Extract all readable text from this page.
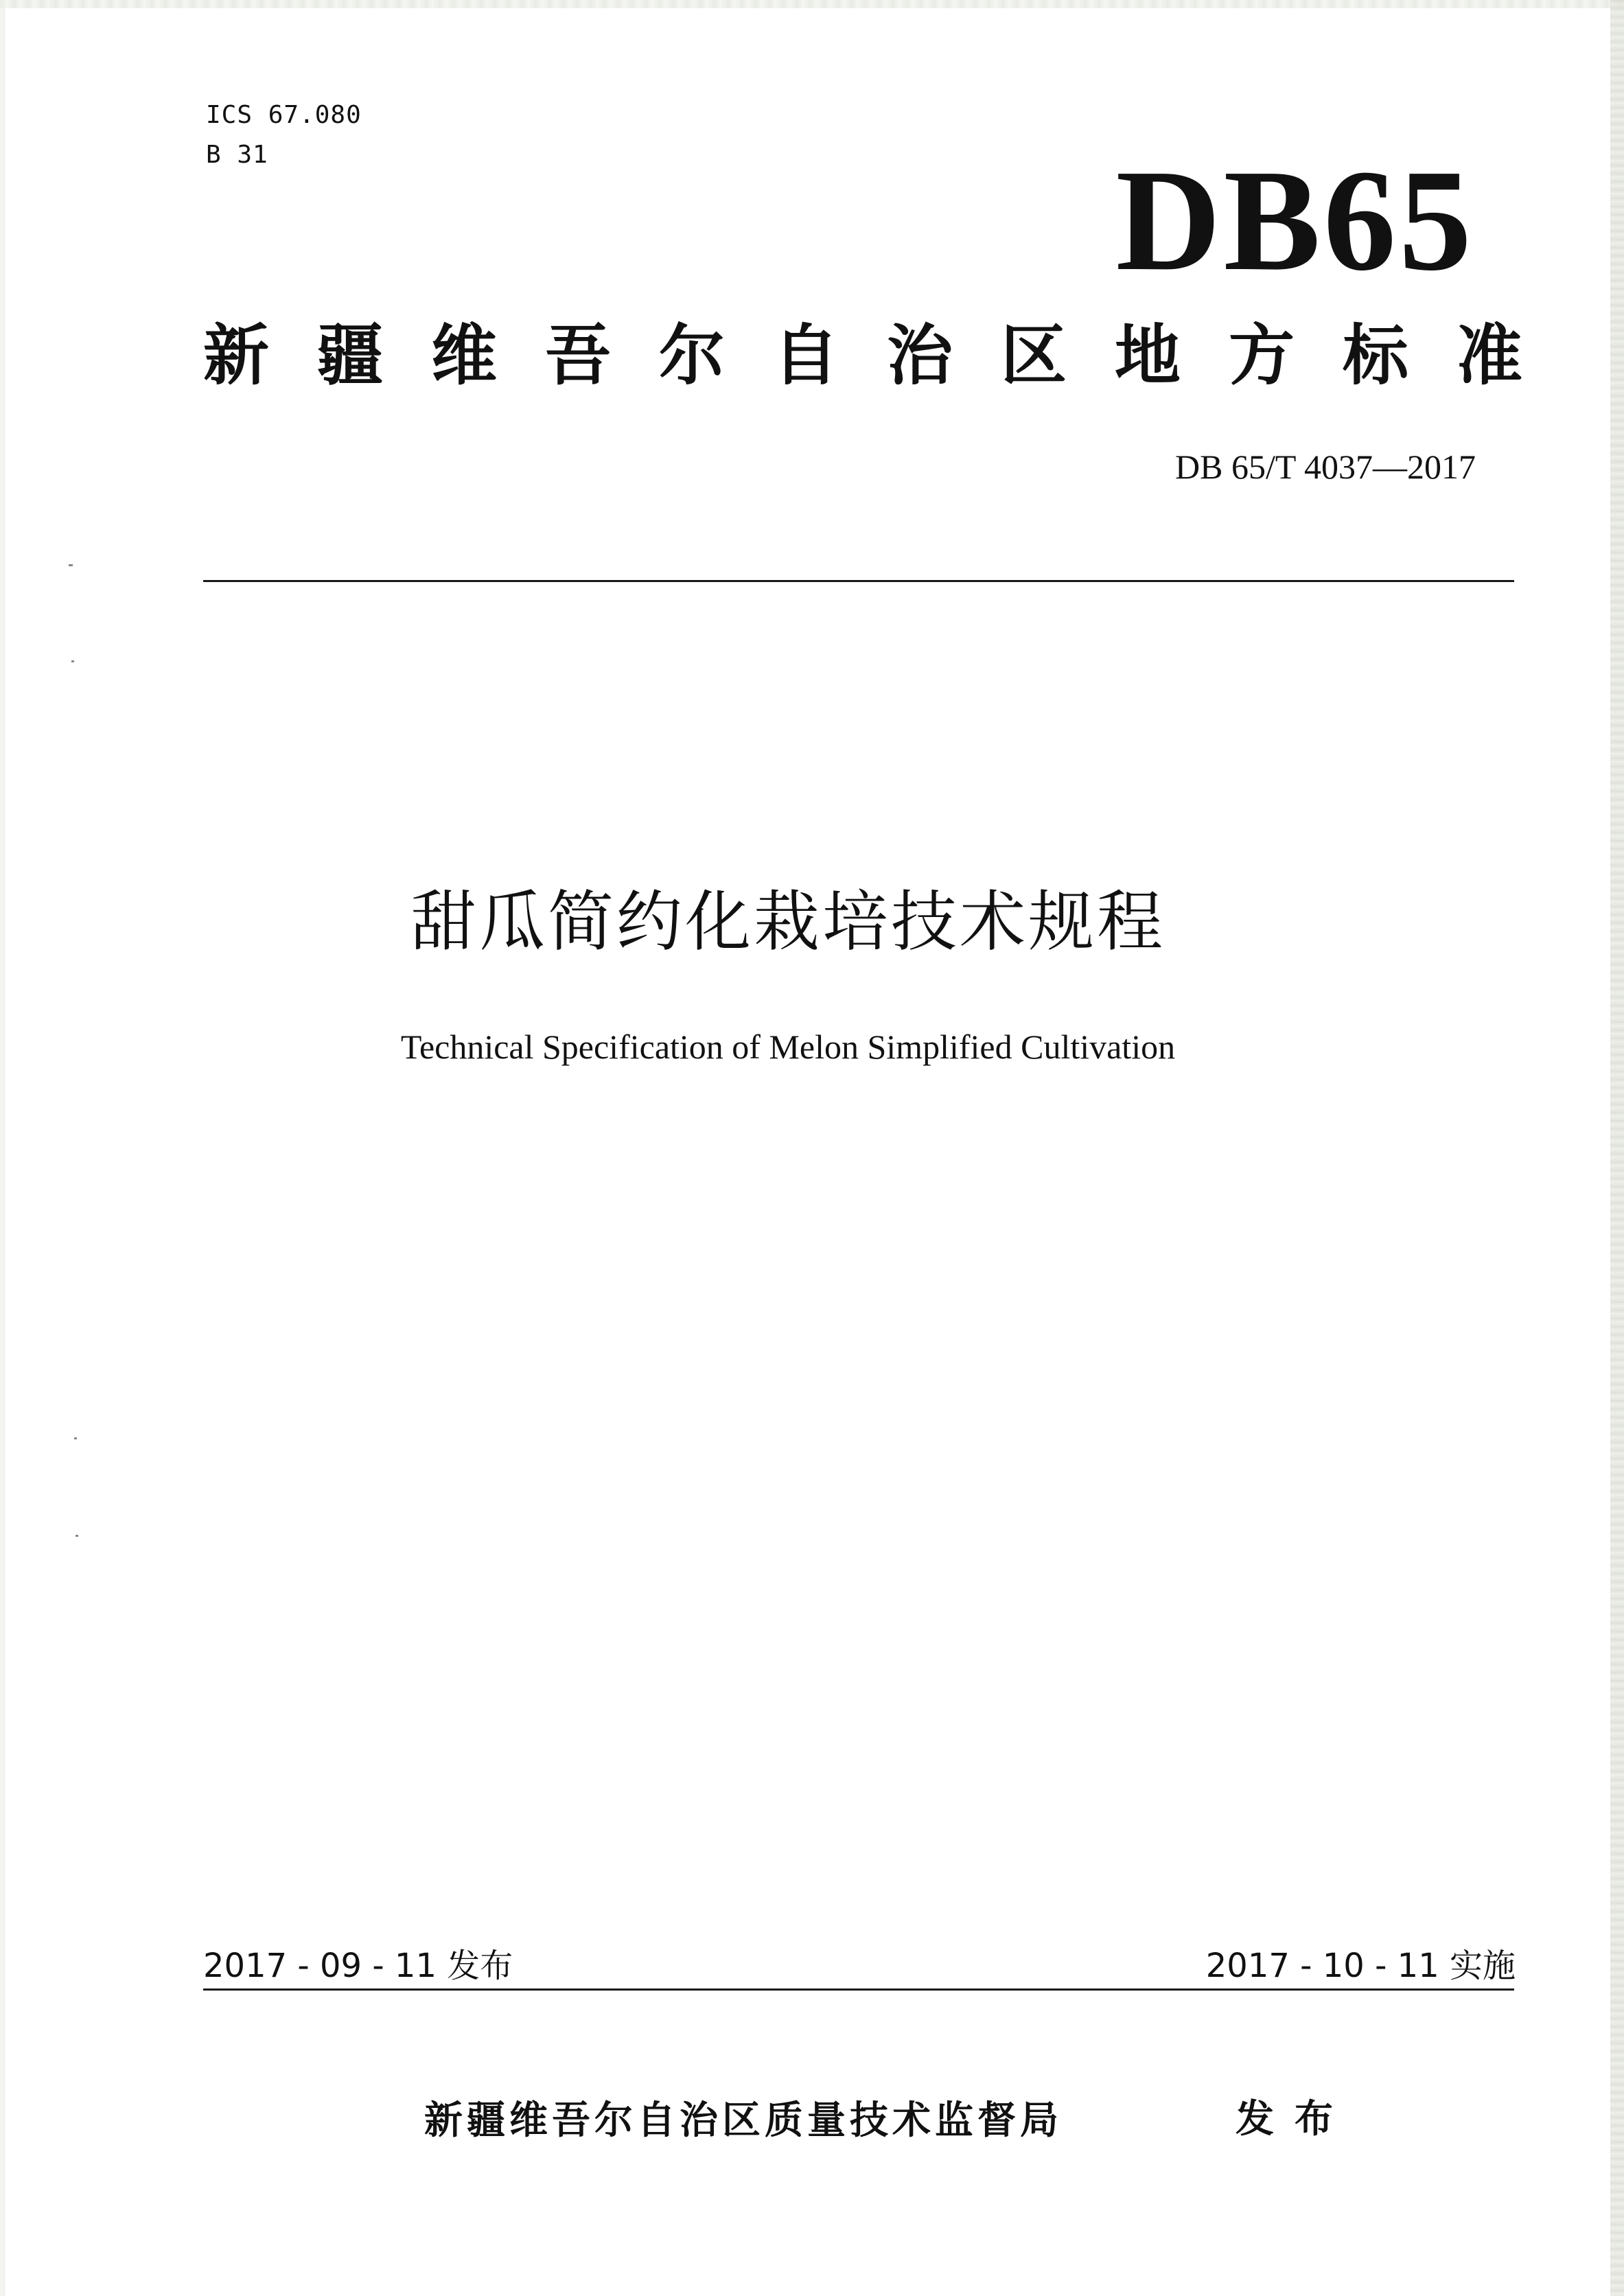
ICS 67.080
B 31	DB65
新疆维吾尔自治区地方标准
DB 65/T 4037—2017
甜瓜简约化栽培技术规程
Technical Specification of Melon Simplified Cultivation
2017 - 09 - 11 发布	2017 - 10 - 11 实施
新疆维吾尔自治区质量技术监督局	发布
